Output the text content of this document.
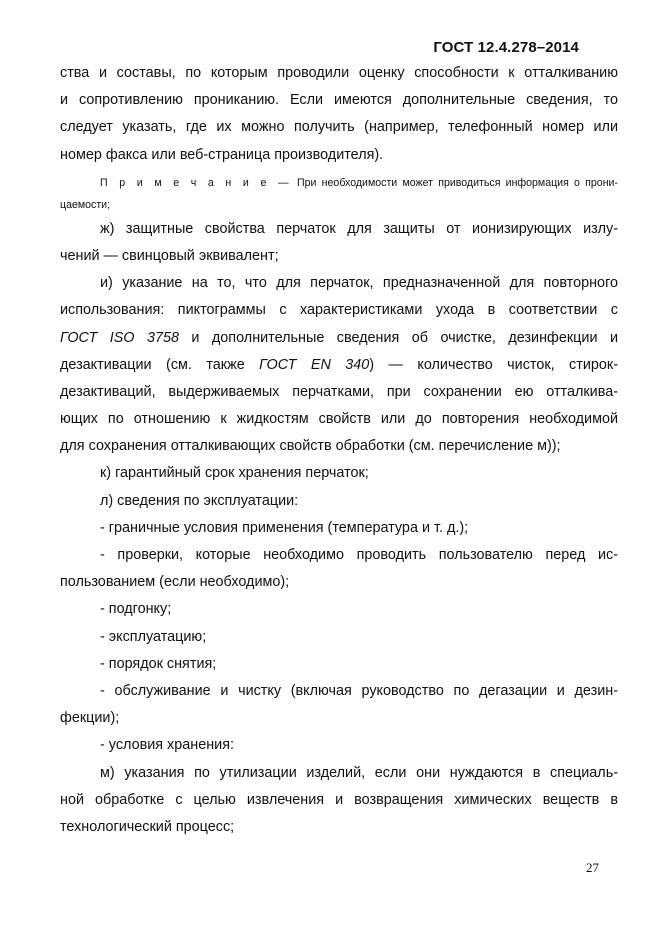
ГОСТ 12.4.278–2014
ства и составы, по которым проводили оценку способности к отталкиванию
и сопротивлению прониканию. Если имеются дополнительные сведения, то
следует указать, где их можно получить (например, телефонный номер или
номер факса или веб-страница производителя).
П р и м е ч а н и е — При необходимости может приводиться информация о прони-
цаемости;
ж) защитные свойства перчаток для защиты от ионизирующих излу-
чений — свинцовый эквивалент;
и) указание на то, что для перчаток, предназначенной для повторного
использования: пиктограммы с характеристиками ухода в соответствии с
ГОСТ ISO 3758 и дополнительные сведения об очистке, дезинфекции и
дезактивации (см. также ГОСТ EN 340) — количество чисток, стирок-
дезактиваций, выдерживаемых перчатками, при сохранении ею отталкива-
ющих по отношению к жидкостям свойств или до повторения необходимой
для сохранения отталкивающих свойств обработки (см. перечисление м));
к) гарантийный срок хранения перчаток;
л) сведения по эксплуатации:
- граничные условия применения (температура и т. д.);
- проверки, которые необходимо проводить пользователю перед ис-
пользованием (если необходимо);
- подгонку;
- эксплуатацию;
- порядок снятия;
- обслуживание и чистку (включая руководство по дегазации и дезин-
фекции);
- условия хранения:
м) указания по утилизации изделий, если они нуждаются в специаль-
ной обработке с целью извлечения и возвращения химических веществ в
технологический процесс;
27
